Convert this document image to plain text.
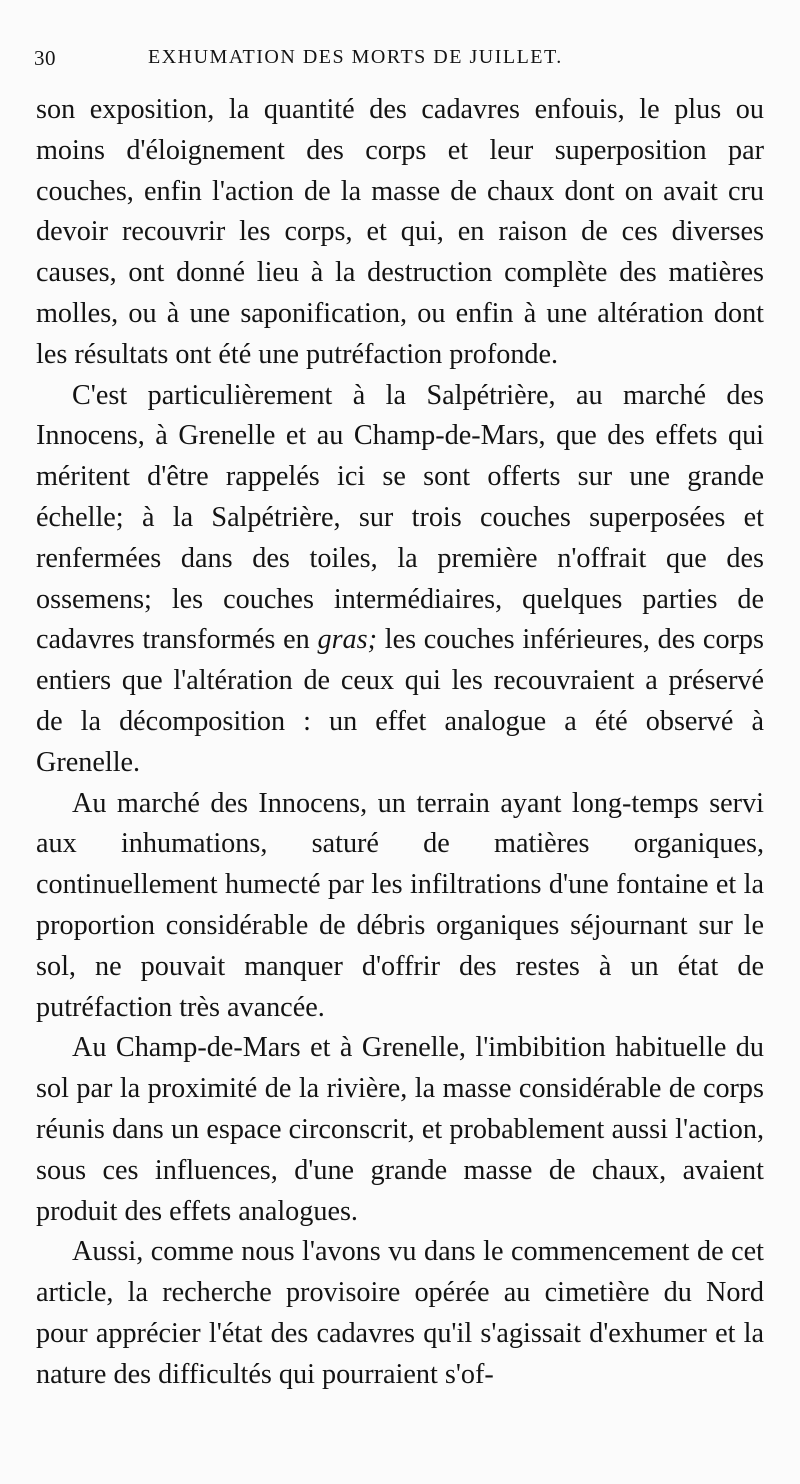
30	EXHUMATION DES MORTS DE JUILLET.

son exposition, la quantité des cadavres enfouis, le plus ou moins d'éloignement des corps et leur superposition par couches, enfin l'action de la masse de chaux dont on avait cru devoir recouvrir les corps, et qui, en raison de ces diverses causes, ont donné lieu à la destruction complète des matières molles, ou à une saponification, ou enfin à une altération dont les résultats ont été une putréfaction profonde.

C'est particulièrement à la Salpétrière, au marché des Innocens, à Grenelle et au Champ-de-Mars, que des effets qui méritent d'être rappelés ici se sont offerts sur une grande échelle; à la Salpétrière, sur trois couches superposées et renfermées dans des toiles, la première n'offrait que des ossemens; les couches intermédiaires, quelques parties de cadavres transformés en gras; les couches inférieures, des corps entiers que l'altération de ceux qui les recouvraient a préservé de la décomposition : un effet analogue a été observé à Grenelle.

Au marché des Innocens, un terrain ayant long-temps servi aux inhumations, saturé de matières organiques, continuellement humecté par les infiltrations d'une fontaine et la proportion considérable de débris organiques séjournant sur le sol, ne pouvait manquer d'offrir des restes à un état de putréfaction très avancée.

Au Champ-de-Mars et à Grenelle, l'imbibition habituelle du sol par la proximité de la rivière, la masse considérable de corps réunis dans un espace circonscrit, et probablement aussi l'action, sous ces influences, d'une grande masse de chaux, avaient produit des effets analogues.

Aussi, comme nous l'avons vu dans le commencement de cet article, la recherche provisoire opérée au cimetière du Nord pour apprécier l'état des cadavres qu'il s'agissait d'exhumer et la nature des difficultés qui pourraient s'of-
